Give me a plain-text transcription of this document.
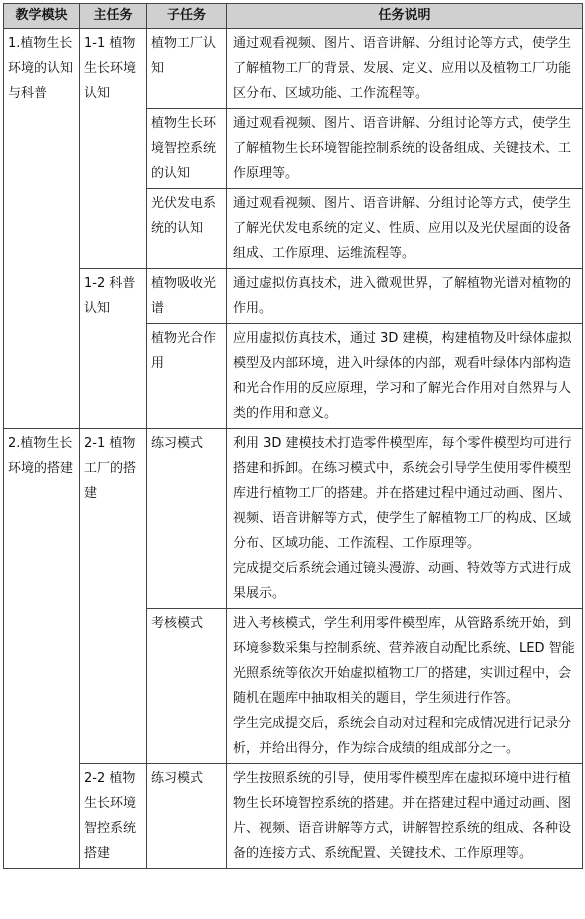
教学模块	主任务	子任务	任务说明
1.植物生长环境的认知与科普	1-1 植物生长环境认知	植物工厂认知	通过观看视频、图片、语音讲解、分组讨论等方式，使学生了解植物工厂的背景、发展、定义、应用以及植物工厂功能区分布、区域功能、工作流程等。

		植物生长环境智控系统的认知	通过观看视频、图片、语音讲解、分组讨论等方式，使学生了解植物生长环境智能控制系统的设备组成、关键技术、工作原理等。

		光伏发电系统的认知	通过观看视频、图片、语音讲解、分组讨论等方式，使学生了解光伏发电系统的定义、性质、应用以及光伏屋面的设备组成、工作原理、运维流程等。

	1-2 科普认知	植物吸收光谱	通过虚拟仿真技术，进入微观世界，了解植物光谱对植物的作用。

		植物光合作用	应用虚拟仿真技术，通过 3D 建模，构建植物及叶绿体虚拟模型及内部环境，进入叶绿体的内部，观看叶绿体内部构造和光合作用的反应原理，学习和了解光合作用对自然界与人类的作用和意义。

2.植物生长环境的搭建	2-1 植物工厂的搭建	练习模式	利用 3D 建模技术打造零件模型库，每个零件模型均可进行搭建和拆卸。在练习模式中，系统会引导学生使用零件模型库进行植物工厂的搭建。并在搭建过程中通过动画、图片、视频、语音讲解等方式，使学生了解植物工厂的构成、区域分布、区域功能、工作流程、工作原理等。
完成提交后系统会通过镜头漫游、动画、特效等方式进行成果展示。

		考核模式	进入考核模式，学生利用零件模型库，从管路系统开始，到环境参数采集与控制系统、营养液自动配比系统、LED 智能光照系统等依次开始虚拟植物工厂的搭建，实训过程中，会随机在题库中抽取相关的题目，学生须进行作答。
学生完成提交后，系统会自动对过程和完成情况进行记录分析，并给出得分，作为综合成绩的组成部分之一。

	2-2 植物生长环境智控系统搭建	练习模式	学生按照系统的引导，使用零件模型库在虚拟环境中进行植物生长环境智控系统的搭建。并在搭建过程中通过动画、图片、视频、语音讲解等方式，讲解智控系统的组成、各种设备的连接方式、系统配置、关键技术、工作原理等。
